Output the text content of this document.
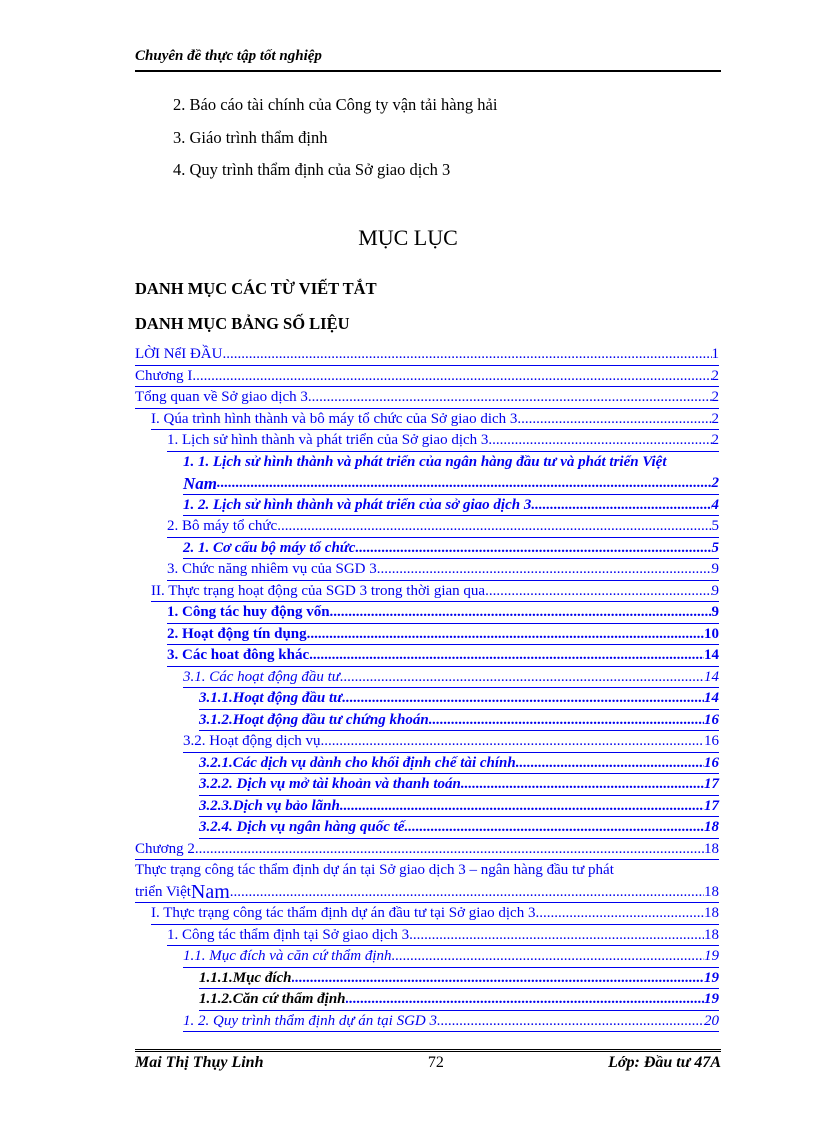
Chuyên đề thực tập tốt nghiệp
2. Báo cáo tài chính của Công ty vận tải hàng hải
3. Giáo trình thẩm định
4. Quy trình thẩm định của Sở giao dịch 3
MỤC LỤC
DANH MỤC CÁC TỪ VIẾT TẮT
DANH MỤC BẢNG SỐ LIỆU
LỜI NểI ĐẦU .....	1
Chương I .....	2
Tổng quan về Sở giao dịch 3 .....	2
I. Qúa trình hình thành và bô máy tổ chức của Sở giao dich 3 .....	2
1. Lịch sử hình thành và phát triển của Sở giao dịch 3 .....	2
1. 1. Lịch sử hình thành và phát triển của ngân hàng đầu tư và phát triển Việt
Nam .....	2
1. 2. Lịch sử hình thành và phát triển của sở giao dịch 3 .....	4
2. Bô máy tổ chức .....	5
2. 1. Cơ cấu bộ máy tổ chức .....	5
3. Chức năng nhiêm vụ của SGD 3 .....	9
II. Thực trạng hoạt động của SGD 3 trong thời gian qua .....	9
1. Công tác huy động vốn .....	9
2. Hoạt động tín dụng .....	10
3. Các hoat đông khác .....	14
3.1. Các hoạt động đầu tư .....	14
3.1.1.Hoạt động đầu tư .....	14
3.1.2.Hoạt động đầu tư chứng khoán .....	16
3.2. Hoạt động dịch vụ .....	16
3.2.1.Các dịch vụ dành cho khối định chế tài chính .....	16
3.2.2. Dịch vụ mở tài khoản và thanh toán .....	17
3.2.3.Dịch vụ bảo lãnh .....	17
3.2.4. Dịch vụ ngân hàng quốc tế .....	18
Chương 2 .....	18
Thực trạng công tác thẩm định dự án tại Sở giao dịch 3 – ngân hàng đầu tư phát
triển Việt Nam .....	18
I. Thực trạng công tác thẩm định dự án đầu tư tại Sở giao dịch 3 .....	18
1. Công tác thẩm định tại Sở giao dịch 3 .....	18
1.1. Mục đích và căn cứ thẩm định .....	19
1.1.1.Mục đích .....	19
1.1.2.Căn cứ thẩm định .....	19
1. 2. Quy trình thẩm định dự án tại SGD 3 .....	20
Mai Thị Thụy Linh	72	Lớp: Đầu tư 47A
